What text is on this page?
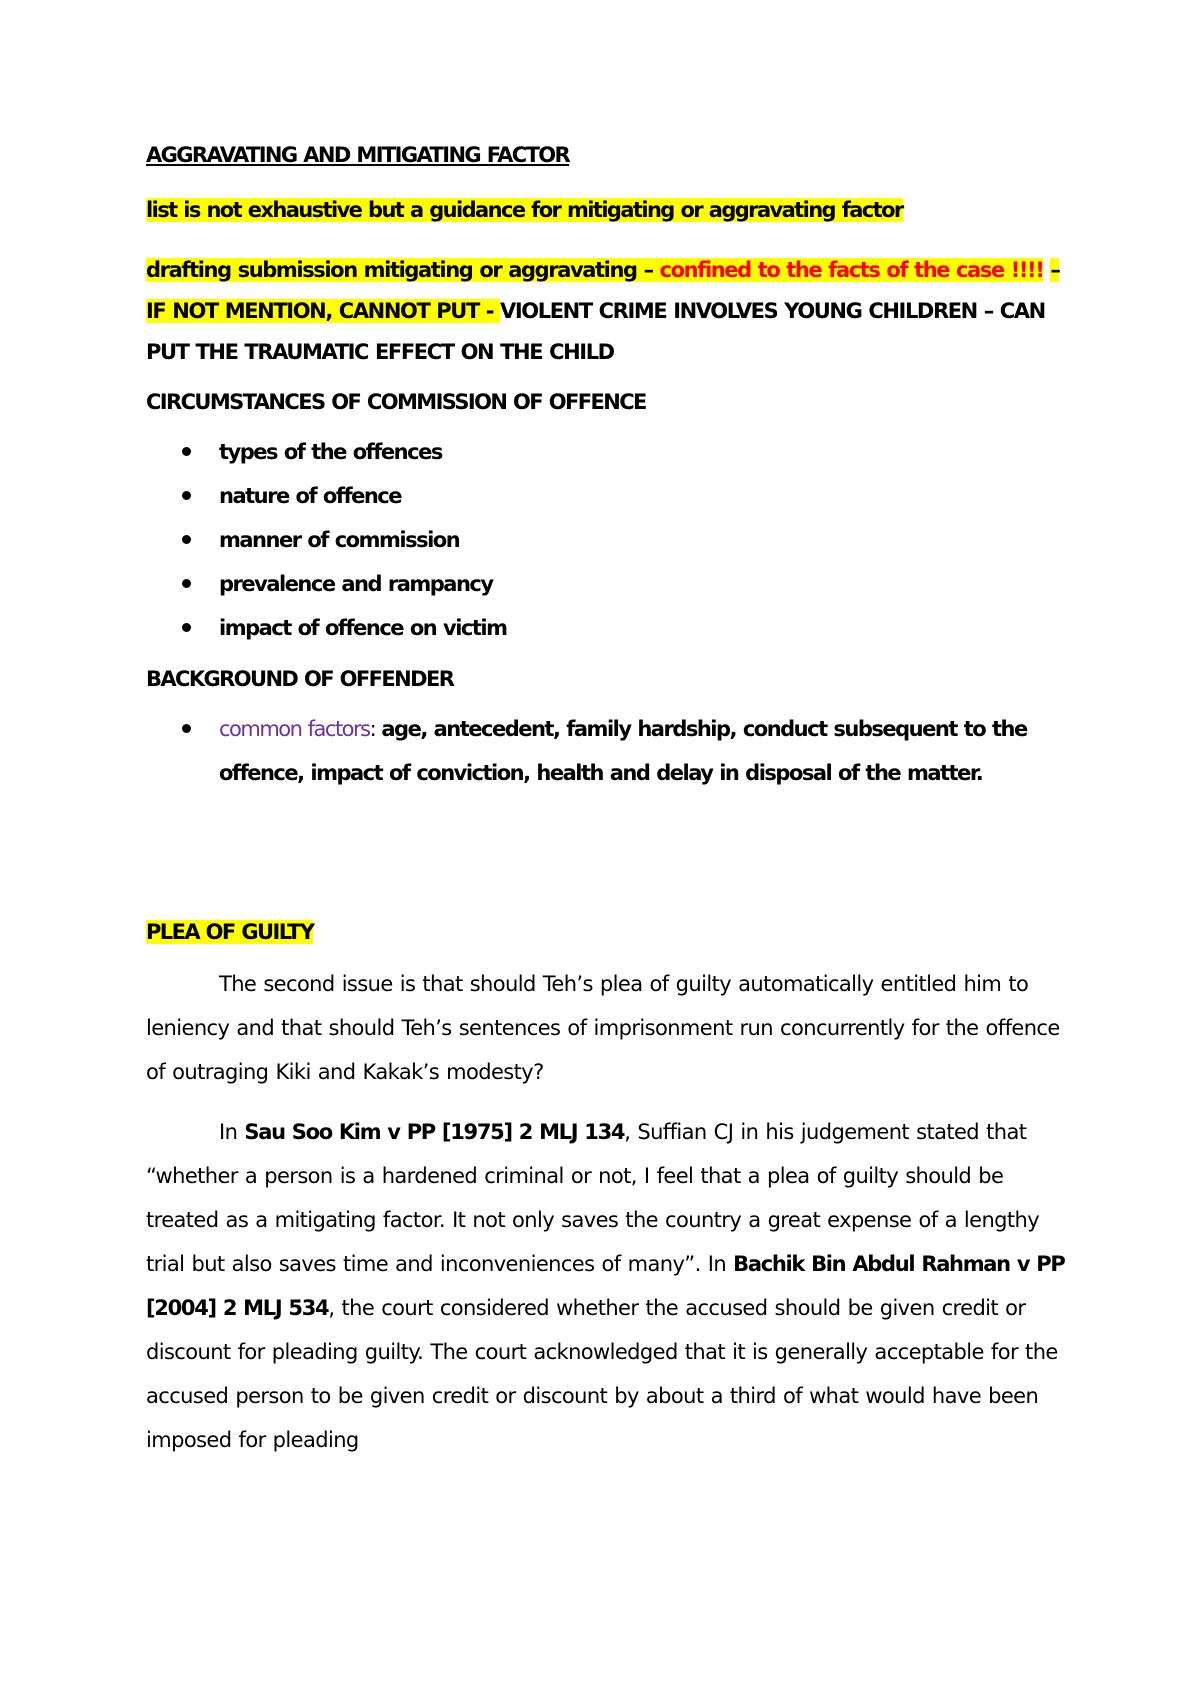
AGGRAVATING AND MITIGATING FACTOR
list is not exhaustive but a guidance for mitigating or aggravating factor
drafting submission mitigating or aggravating – confined to the facts of the case !!!! – IF NOT MENTION, CANNOT PUT - VIOLENT CRIME INVOLVES YOUNG CHILDREN – CAN PUT THE TRAUMATIC EFFECT ON THE CHILD
CIRCUMSTANCES OF COMMISSION OF OFFENCE
types of the offences
nature of offence
manner of commission
prevalence and rampancy
impact of offence on victim
BACKGROUND OF OFFENDER
common factors: age, antecedent, family hardship, conduct subsequent to the offence, impact of conviction, health and delay in disposal of the matter.
PLEA OF GUILTY

The second issue is that should Teh’s plea of guilty automatically entitled him to leniency and that should Teh’s sentences of imprisonment run concurrently for the offence of outraging Kiki and Kakak’s modesty?

In Sau Soo Kim v PP [1975] 2 MLJ 134, Suffian CJ in his judgement stated that “whether a person is a hardened criminal or not, I feel that a plea of guilty should be treated as a mitigating factor. It not only saves the country a great expense of a lengthy trial but also saves time and inconveniences of many”. In Bachik Bin Abdul Rahman v PP [2004] 2 MLJ 534, the court considered whether the accused should be given credit or discount for pleading guilty. The court acknowledged that it is generally acceptable for the accused person to be given credit or discount by about a third of what would have been imposed for pleading
